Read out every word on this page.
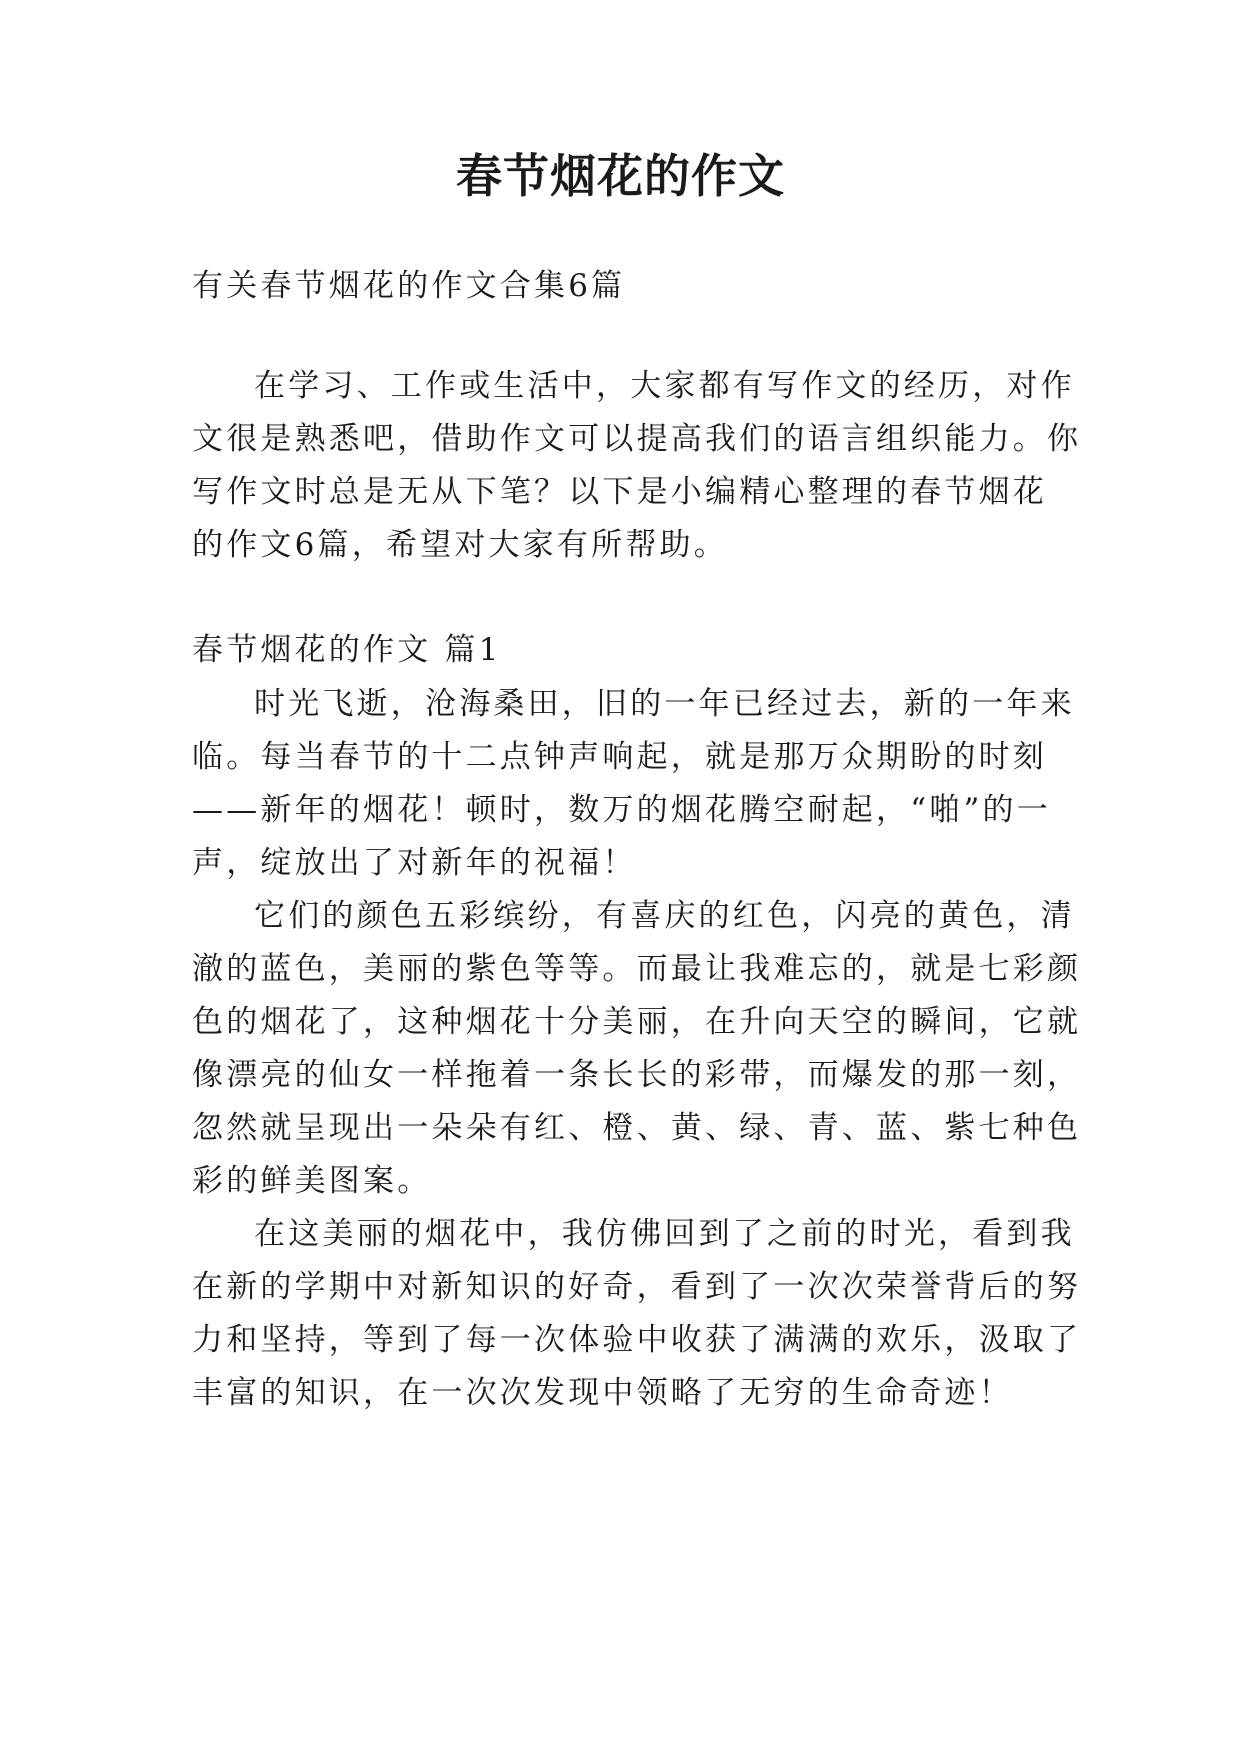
春节烟花的作文
有关春节烟花的作文合集6篇
在学习、工作或生活中，大家都有写作文的经历，对作
文很是熟悉吧，借助作文可以提高我们的语言组织能力。你
写作文时总是无从下笔？以下是小编精心整理的春节烟花
的作文6篇，希望对大家有所帮助。
春节烟花的作文 篇1
时光飞逝，沧海桑田，旧的一年已经过去，新的一年来
临。每当春节的十二点钟声响起，就是那万众期盼的时刻
——新年的烟花！顿时，数万的烟花腾空耐起，“啪”的一
声，绽放出了对新年的祝福！
它们的颜色五彩缤纷，有喜庆的红色，闪亮的黄色，清
澈的蓝色，美丽的紫色等等。而最让我难忘的，就是七彩颜
色的烟花了，这种烟花十分美丽，在升向天空的瞬间，它就
像漂亮的仙女一样拖着一条长长的彩带，而爆发的那一刻，
忽然就呈现出一朵朵有红、橙、黄、绿、青、蓝、紫七种色
彩的鲜美图案。
在这美丽的烟花中，我仿佛回到了之前的时光，看到我
在新的学期中对新知识的好奇，看到了一次次荣誉背后的努
力和坚持，等到了每一次体验中收获了满满的欢乐，汲取了
丰富的知识，在一次次发现中领略了无穷的生命奇迹！
